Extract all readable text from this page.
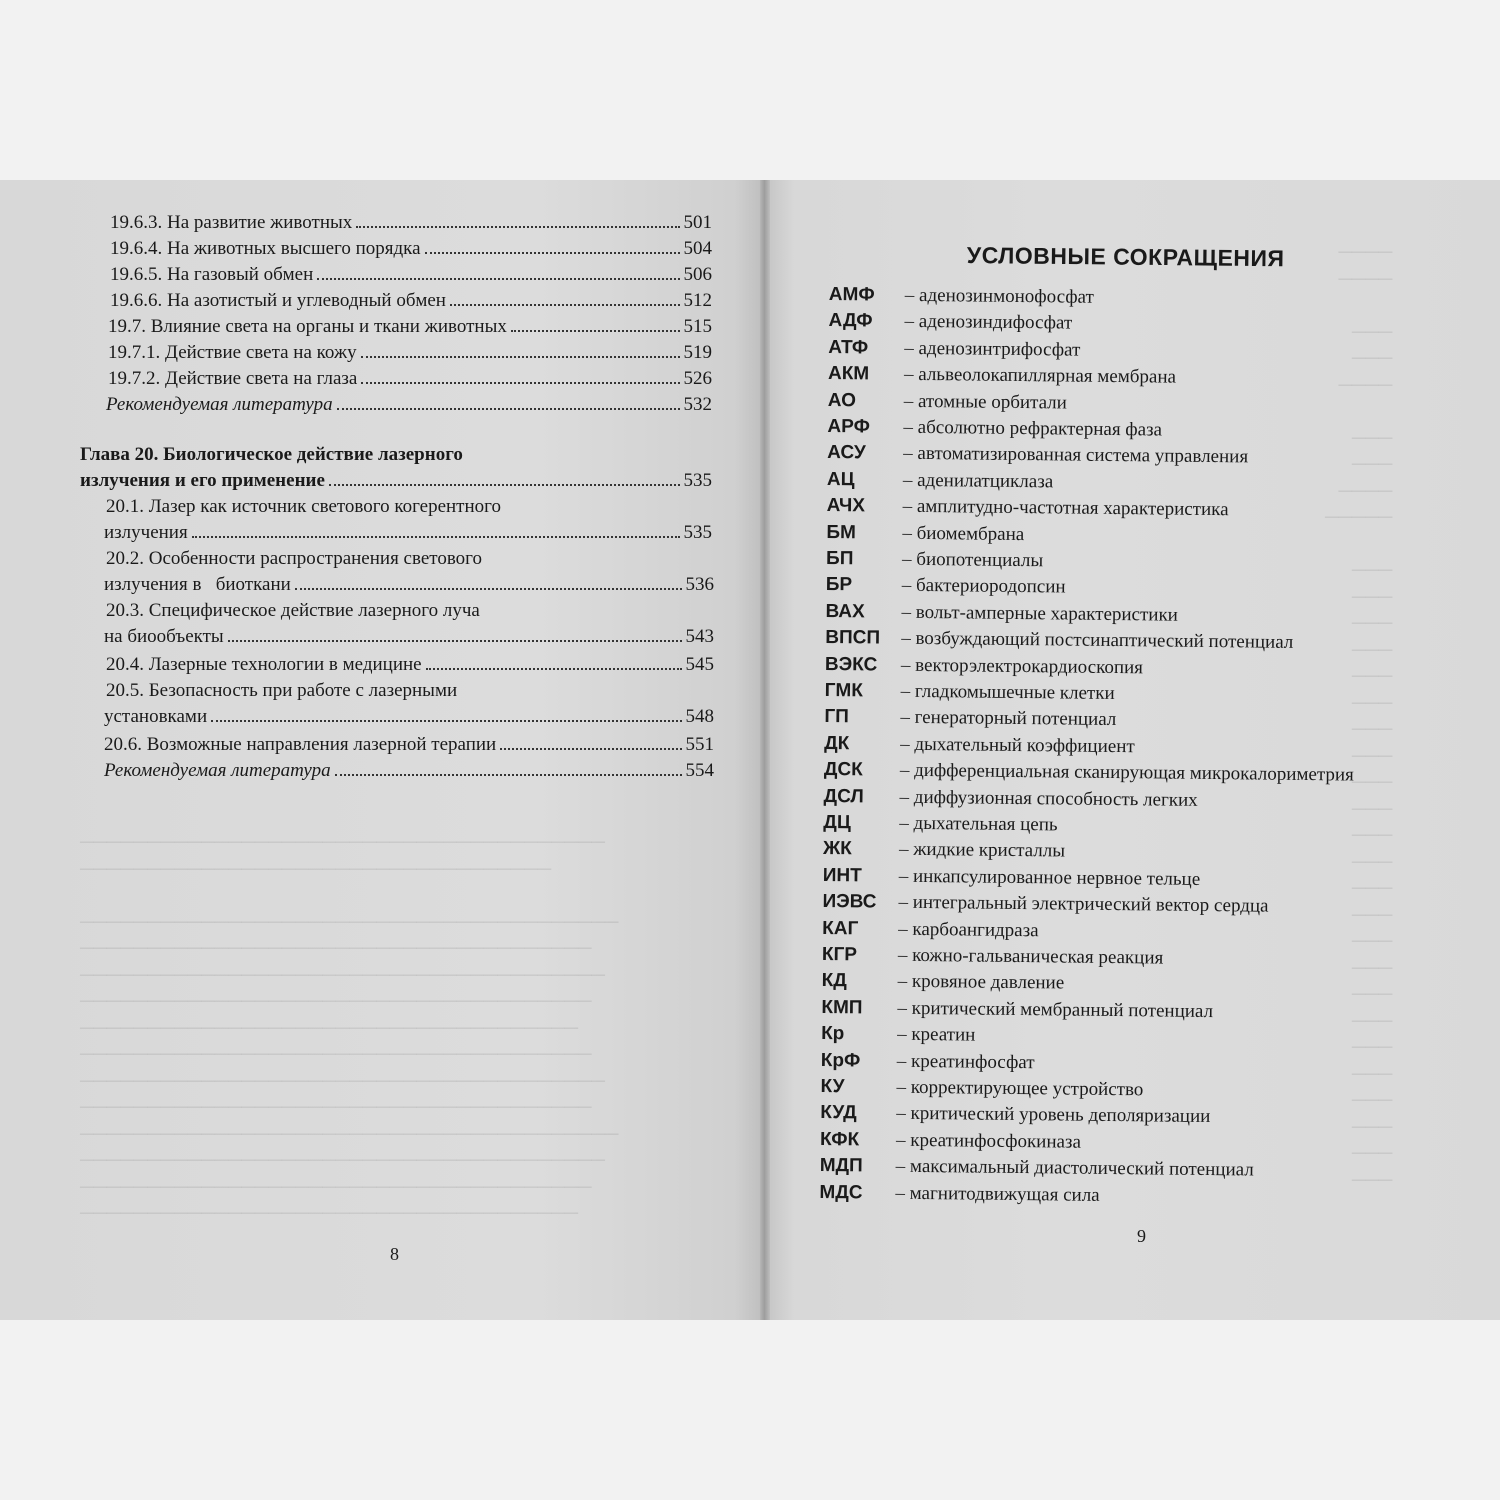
───────────────────────────────────────
───────────────────────────────────

────────────────────────────────────────
──────────────────────────────────────
───────────────────────────────────────
──────────────────────────────────────
─────────────────────────────────────
──────────────────────────────────────
───────────────────────────────────────
──────────────────────────────────────
────────────────────────────────────────
───────────────────────────────────────
──────────────────────────────────────
─────────────────────────────────────
19.6.3. На развитие животных	501
19.6.4. На животных высшего порядка	504
19.6.5. На газовый обмен	506
19.6.6. На азотистый и углеводный обмен	512
19.7. Влияние света на органы и ткани животных	515
19.7.1. Действие света на кожу	519
19.7.2. Действие света на глаза	526
Рекомендуемая литература	532
Глава 20. Биологическое действие лазерного
излучения и его применение	535
20.1. Лазер как источник светового когерентного
излучения	535
20.2. Особенности распространения светового
излучения в   биоткани	536
20.3. Специфическое действие лазерного луча
на биообъекты	543
20.4. Лазерные технологии в медицине	545
20.5. Безопасность при работе с лазерными
установками	548
20.6. Возможные направления лазерной терапии	551
Рекомендуемая литература	554
8
────
────

───
───
────

───
───
────
─────

───
───
───
───
───
───
───
───
───
───
───
───
───
───
───
───
───
───
───
───
───
───
───
───
УСЛОВНЫЕ СОКРАЩЕНИЯ
АМФ – аденозинмонофосфат
АДФ – аденозиндифосфат
АТФ – аденозинтрифосфат
АКМ – альвеолокапиллярная мембрана
АО	– атомные орбитали
АРФ – абсолютно рефрактерная фаза
АСУ – автоматизированная система управления
АЦ	– аденилатциклаза
АЧХ – амплитудно-частотная характеристика
БМ – биомембрана
БП	– биопотенциалы
БР	– бактериородопсин
ВАХ – вольт-амперные характеристики
ВПСП – возбуждающий постсинаптический потенциал
ВЭКС – векторэлектрокардиоскопия
ГМК – гладкомышечные клетки
ГП	– генераторный потенциал
ДК	– дыхательный коэффициент
ДСК – дифференциальная сканирующая микрокалориметрия
ДСЛ – диффузионная способность легких
ДЦ	– дыхательная цепь
ЖК – жидкие кристаллы
ИНТ – инкапсулированное нервное тельце
ИЭВС – интегральный электрический вектор сердца
КАГ – карбоангидраза
КГР – кожно-гальваническая реакция
КД	– кровяное давление
КМП – критический мембранный потенциал
Кр	– креатин
КрФ – креатинфосфат
КУ	– корректирующее устройство
КУД – критический уровень деполяризации
КФК – креатинфосфокиназа
МДП – максимальный диастолический потенциал
МДС – магнитодвижущая сила
9
